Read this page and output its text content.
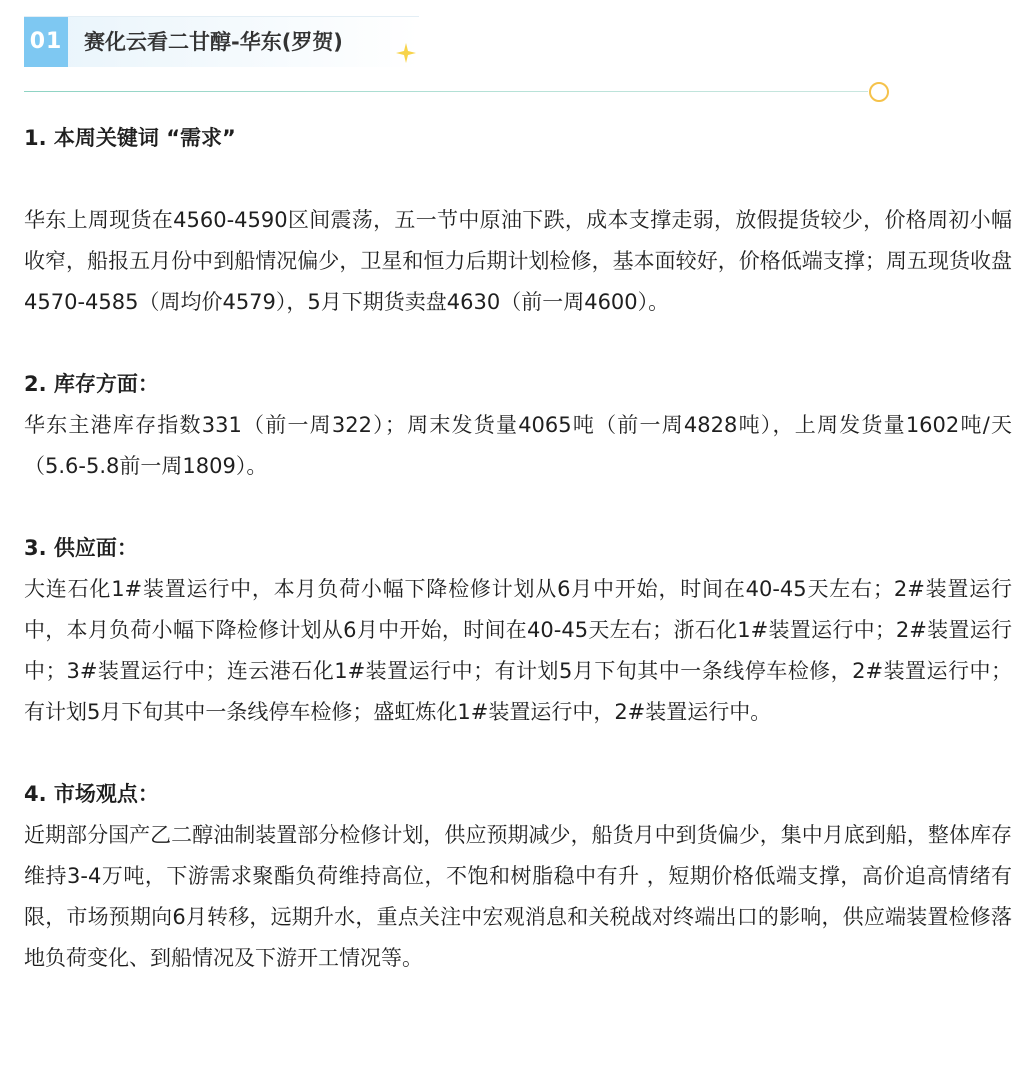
01 赛化云看二甘醇-华东(罗贺)

1. 本周关键词 “需求”

华东上周现货在4560-4590区间震荡，五一节中原油下跌，成本支撑走弱，放假提货较少，价格周初小幅收窄，船报五月份中到船情况偏少，卫星和恒力后期计划检修，基本面较好，价格低端支撑；周五现货收盘4570-4585（周均价4579），5月下期货卖盘4630（前一周4600）。

2. 库存方面：

华东主港库存指数331（前一周322）；周末发货量4065吨（前一周4828吨），上周发货量1602吨/天（5.6-5.8前一周1809）。

3. 供应面：

大连石化1#装置运行中，本月负荷小幅下降检修计划从6月中开始，时间在40-45天左右；2#装置运行中，本月负荷小幅下降检修计划从6月中开始，时间在40-45天左右；浙石化1#装置运行中；2#装置运行中；3#装置运行中；连云港石化1#装置运行中；有计划5月下旬其中一条线停车检修，2#装置运行中；有计划5月下旬其中一条线停车检修；盛虹炼化1#装置运行中，2#装置运行中。

4. 市场观点：

近期部分国产乙二醇油制装置部分检修计划，供应预期减少，船货月中到货偏少，集中月底到船，整体库存维持3-4万吨，下游需求聚酯负荷维持高位，不饱和树脂稳中有升 ，短期价格低端支撑，高价追高情绪有限，市场预期向6月转移，远期升水，重点关注中宏观消息和关税战对终端出口的影响，供应端装置检修落地负荷变化、到船情况及下游开工情况等。
